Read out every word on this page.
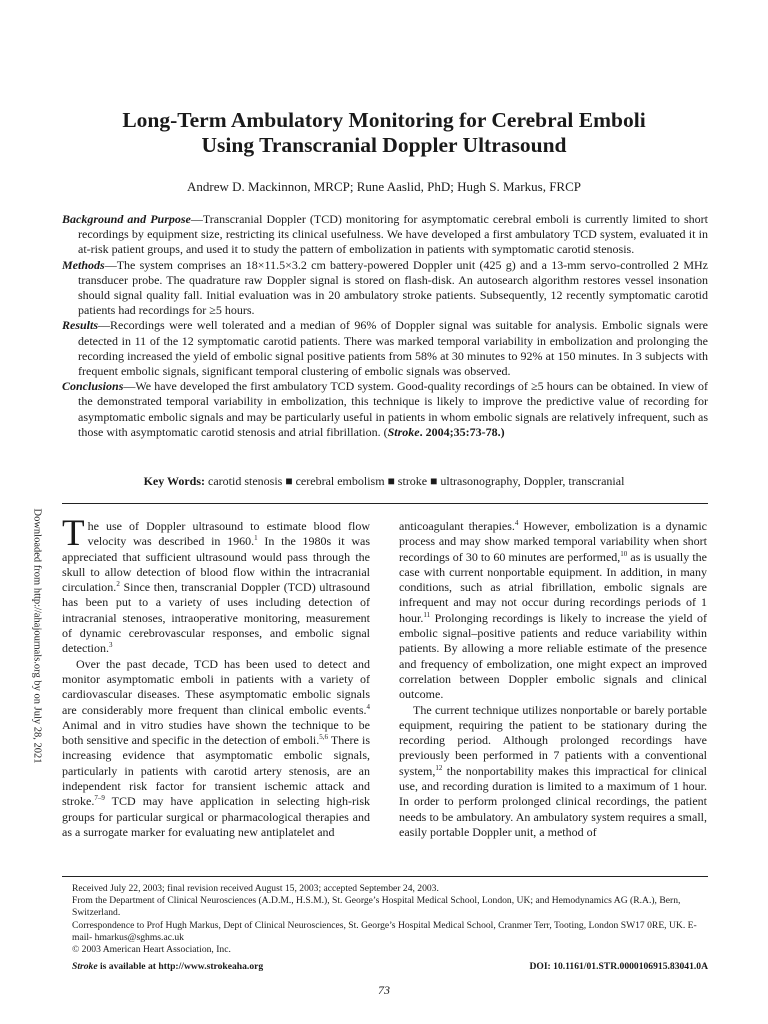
Long-Term Ambulatory Monitoring for Cerebral Emboli
Using Transcranial Doppler Ultrasound
Andrew D. Mackinnon, MRCP; Rune Aaslid, PhD; Hugh S. Markus, FRCP

Background and Purpose—Transcranial Doppler (TCD) monitoring for asymptomatic cerebral emboli is currently limited to short recordings by equipment size, restricting its clinical usefulness. We have developed a first ambulatory TCD system, evaluated it in at-risk patient groups, and used it to study the pattern of embolization in patients with symptomatic carotid stenosis.

Methods—The system comprises an 18×11.5×3.2 cm battery-powered Doppler unit (425 g) and a 13-mm servo-controlled 2 MHz transducer probe. The quadrature raw Doppler signal is stored on flash-disk. An autosearch algorithm restores vessel insonation should signal quality fall. Initial evaluation was in 20 ambulatory stroke patients. Subsequently, 12 recently symptomatic carotid patients had recordings for ≥5 hours.

Results—Recordings were well tolerated and a median of 96% of Doppler signal was suitable for analysis. Embolic signals were detected in 11 of the 12 symptomatic carotid patients. There was marked temporal variability in embolization and prolonging the recording increased the yield of embolic signal positive patients from 58% at 30 minutes to 92% at 150 minutes. In 3 subjects with frequent embolic signals, significant temporal clustering of embolic signals was observed.

Conclusions—We have developed the first ambulatory TCD system. Good-quality recordings of ≥5 hours can be obtained. In view of the demonstrated temporal variability in embolization, this technique is likely to improve the predictive value of recording for asymptomatic embolic signals and may be particularly useful in patients in whom embolic signals are relatively infrequent, such as those with asymptomatic carotid stenosis and atrial fibrillation. (Stroke. 2004;35:73-78.)

Key Words: carotid stenosis ■ cerebral embolism ■ stroke ■ ultrasonography, Doppler, transcranial
Downloaded from http://ahajournals.org by on July 28, 2021 The use of Doppler ultrasound to estimate blood flow velocity was described in 1960.$^1$ In the 1980s it was appreciated that sufficient ultrasound would pass through the skull to allow detection of blood flow within the intracranial circulation.$^2$ Since then, transcranial Doppler (TCD) ultrasound has been put to a variety of uses including detection of intracranial stenoses, intraoperative monitoring, measurement of dynamic cerebrovascular responses, and embolic signal detection.$^3$

Over the past decade, TCD has been used to detect and monitor asymptomatic emboli in patients with a variety of cardiovascular diseases. These asymptomatic embolic signals are considerably more frequent than clinical embolic events.$^4$ Animal and in vitro studies have shown the technique to be both sensitive and specific in the detection of emboli.$^{5,6}$ There is increasing evidence that asymptomatic embolic signals, particularly in patients with carotid artery stenosis, are an independent risk factor for transient ischemic attack and stroke.$^{7-9}$ TCD may have application in selecting high-risk groups for particular surgical or pharmacological therapies and as a surrogate marker for evaluating new antiplatelet and

anticoagulant therapies.$^4$ However, embolization is a dynamic process and may show marked temporal variability when short recordings of 30 to 60 minutes are performed,$^{10}$ as is usually the case with current nonportable equipment. In addition, in many conditions, such as atrial fibrillation, embolic signals are infrequent and may not occur during recordings periods of 1 hour.$^{11}$ Prolonging recordings is likely to increase the yield of embolic signal–positive patients and reduce variability within patients. By allowing a more reliable estimate of the presence and frequency of embolization, one might expect an improved correlation between Doppler embolic signals and clinical outcome.

The current technique utilizes nonportable or barely portable equipment, requiring the patient to be stationary during the recording period. Although prolonged recordings have previously been performed in 7 patients with a conventional system,$^{12}$ the nonportability makes this impractical for clinical use, and recording duration is limited to a maximum of 1 hour. In order to perform prolonged clinical recordings, the patient needs to be ambulatory. An ambulatory system requires a small, easily portable Doppler unit, a method of

Received July 22, 2003; final revision received August 15, 2003; accepted September 24, 2003.

From the Department of Clinical Neurosciences (A.D.M., H.S.M.), St. George’s Hospital Medical School, London, UK; and Hemodynamics AG (R.A.), Bern, Switzerland.

Correspondence to Prof Hugh Markus, Dept of Clinical Neurosciences, St. George’s Hospital Medical School, Cranmer Terr, Tooting, London SW17 0RE, UK. E-mail- hmarkus@sghms.ac.uk

© 2003 American Heart Association, Inc.

Stroke is available at http://www.strokeaha.org	DOI: 10.1161/01.STR.0000106915.83041.0A
73
